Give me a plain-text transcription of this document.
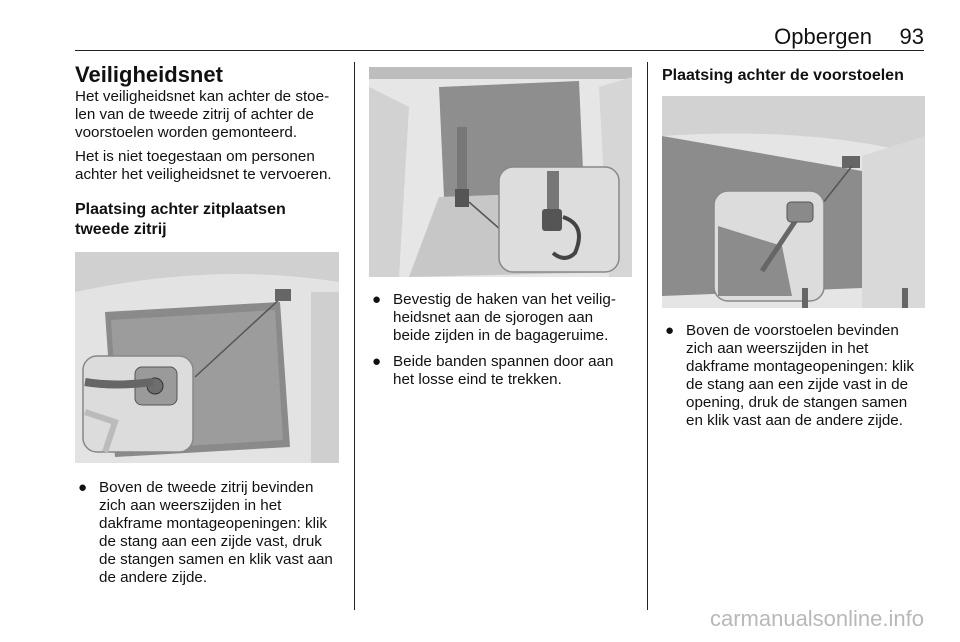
Opbergen 93
Veiligheidsnet

Het veiligheidsnet kan achter de stoelen van de tweede zitrij of achter de voorstoelen worden gemonteerd.

Het is niet toegestaan om personen achter het veiligheidsnet te vervoeren.

Plaatsing achter zitplaatsen tweede zitrij
● Boven de tweede zitrij bevinden zich aan weerszijden in het dakframe montageopeningen: klik de stang aan een zijde vast, druk de stangen samen en klik vast aan de andere zijde.
● Bevestig de haken van het veiligheidsnet aan de sjorogen aan beide zijden in de bagageruime.
● Beide banden spannen door aan het losse eind te trekken.
Plaatsing achter de voorstoelen
● Boven de voorstoelen bevinden zich aan weerszijden in het dakframe montageopeningen: klik de stang aan een zijde vast in de opening, druk de stangen samen en klik vast aan de andere zijde.
carmanualsonline.info
